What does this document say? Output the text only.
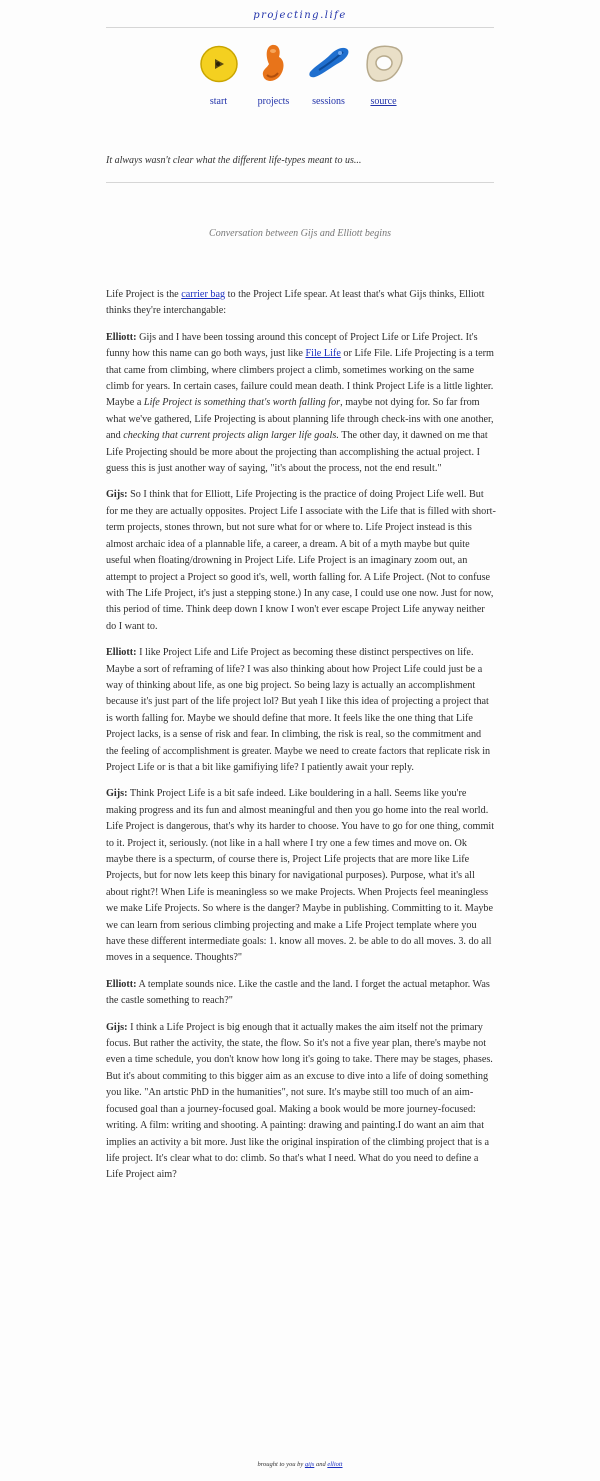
projecting.life
start	projects sessions	source
It always wasn't clear what the different life-types meant to us...
Conversation between Gijs and Elliott begins

Life Project is the carrier bag to the Project Life spear. At least that's what Gijs thinks, Elliott thinks they're interchangable:

Elliott: Gijs and I have been tossing around this concept of Project Life or Life Project. It's funny how this name can go both ways, just like File Life or Life File. Life Projecting is a term that came from climbing, where climbers project a climb, sometimes working on the same climb for years. In certain cases, failure could mean death. I think Project Life is a little lighter. Maybe a Life Project is something that's worth falling for, maybe not dying for. So far from what we've gathered, Life Projecting is about planning life through check-ins with one another, and checking that current projects align larger life goals. The other day, it dawned on me that Life Projecting should be more about the projecting than accomplishing the actual project. I guess this is just another way of saying, "it's about the process, not the end result."

Gijs: So I think that for Elliott, Life Projecting is the practice of doing Project Life well. But for me they are actually opposites. Project Life I associate with the Life that is filled with short-term projects, stones thrown, but not sure what for or where to. Life Project instead is this almost archaic idea of a plannable life, a career, a dream. A bit of a myth maybe but quite useful when floating/drowning in Project Life. Life Project is an imaginary zoom out, an attempt to project a Project so good it's, well, worth falling for. A Life Project. (Not to confuse with The Life Project, it's just a stepping stone.) In any case, I could use one now. Just for now, this period of time. Think deep down I know I won't ever escape Project Life anyway neither do I want to.

Elliott: I like Project Life and Life Project as becoming these distinct perspectives on life. Maybe a sort of reframing of life? I was also thinking about how Project Life could just be a way of thinking about life, as one big project. So being lazy is actually an accomplishment because it's just part of the life project lol? But yeah I like this idea of projecting a project that is worth falling for. Maybe we should define that more. It feels like the one thing that Life Project lacks, is a sense of risk and fear. In climbing, the risk is real, so the commitment and the feeling of accomplishment is greater. Maybe we need to create factors that replicate risk in Project Life or is that a bit like gamifiying life? I patiently await your reply.

Gijs: Think Project Life is a bit safe indeed. Like bouldering in a hall. Seems like you're making progress and its fun and almost meaningful and then you go home into the real world. Life Project is dangerous, that's why its harder to choose. You have to go for one thing, commit to it. Project it, seriously. (not like in a hall where I try one a few times and move on. Ok maybe there is a specturm, of course there is, Project Life projects that are more like Life Projects, but for now lets keep this binary for navigational purposes). Purpose, what it's all about right?! When Life is meaningless so we make Projects. When Projects feel meaningless we make Life Projects. So where is the danger? Maybe in publishing. Committing to it. Maybe we can learn from serious climbing projecting and make a Life Project template where you have these different intermediate goals: 1. know all moves. 2. be able to do all moves. 3. do all moves in a sequence. Thoughts?"

Elliott: A template sounds nice. Like the castle and the land. I forget the actual metaphor. Was the castle something to reach?"

Gijs: I think a Life Project is big enough that it actually makes the aim itself not the primary focus. But rather the activity, the state, the flow. So it's not a five year plan, there's maybe not even a time schedule, you don't know how long it's going to take. There may be stages, phases. But it's about commiting to this bigger aim as an excuse to dive into a life of doing something you like. "An artstic PhD in the humanities", not sure. It's maybe still too much of an aim-focused goal than a journey-focused goal. Making a book would be more journey-focused: writing. A film: writing and shooting. A painting: drawing and painting.I do want an aim that implies an activity a bit more. Just like the original inspiration of the climbing project that is a life project. It's clear what to do: climb. So that's what I need. What do you need to define a Life Project aim?

brought to you by gijs and elliott
